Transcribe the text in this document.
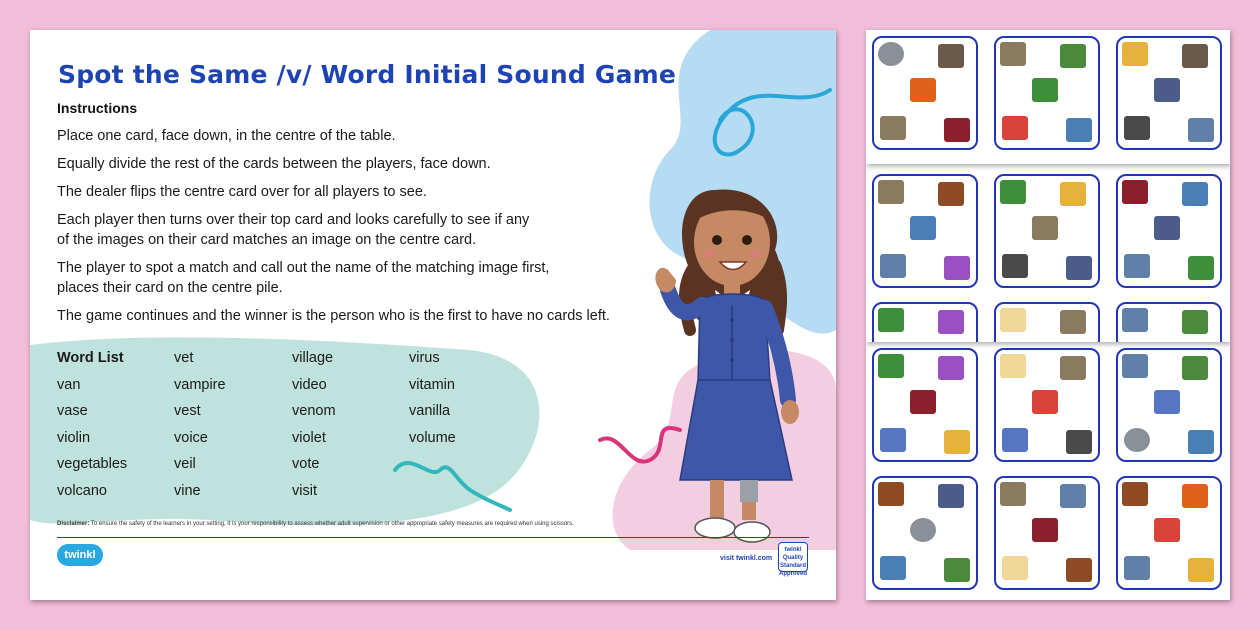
Spot the Same /v/ Word Initial Sound Game
Instructions
Place one card, face down, in the centre of the table.
Equally divide the rest of the cards between the players, face down.
The dealer flips the centre card over for all players to see.
Each player then turns over their top card and looks carefully to see if any
of the images on their card matches an image on the centre card.
The player to spot a match and call out the name of the matching image first,
places their card on the centre pile.
The game continues and the winner is the person who is the first to have no cards left.
Word List
van
vase
violin
vegetables
volcano
vet
vampire
vest
voice
veil
vine
village
video
venom
violet
vote
visit
virus
vitamin
vanilla
volume
Disclaimer: To ensure the safety of the learners in your setting, it is your responsibility to assess whether adult supervision or other appropriate safety measures are required when using scissors.
twinkl	visit twinkl.com
twinkl Quality Standard Approved
